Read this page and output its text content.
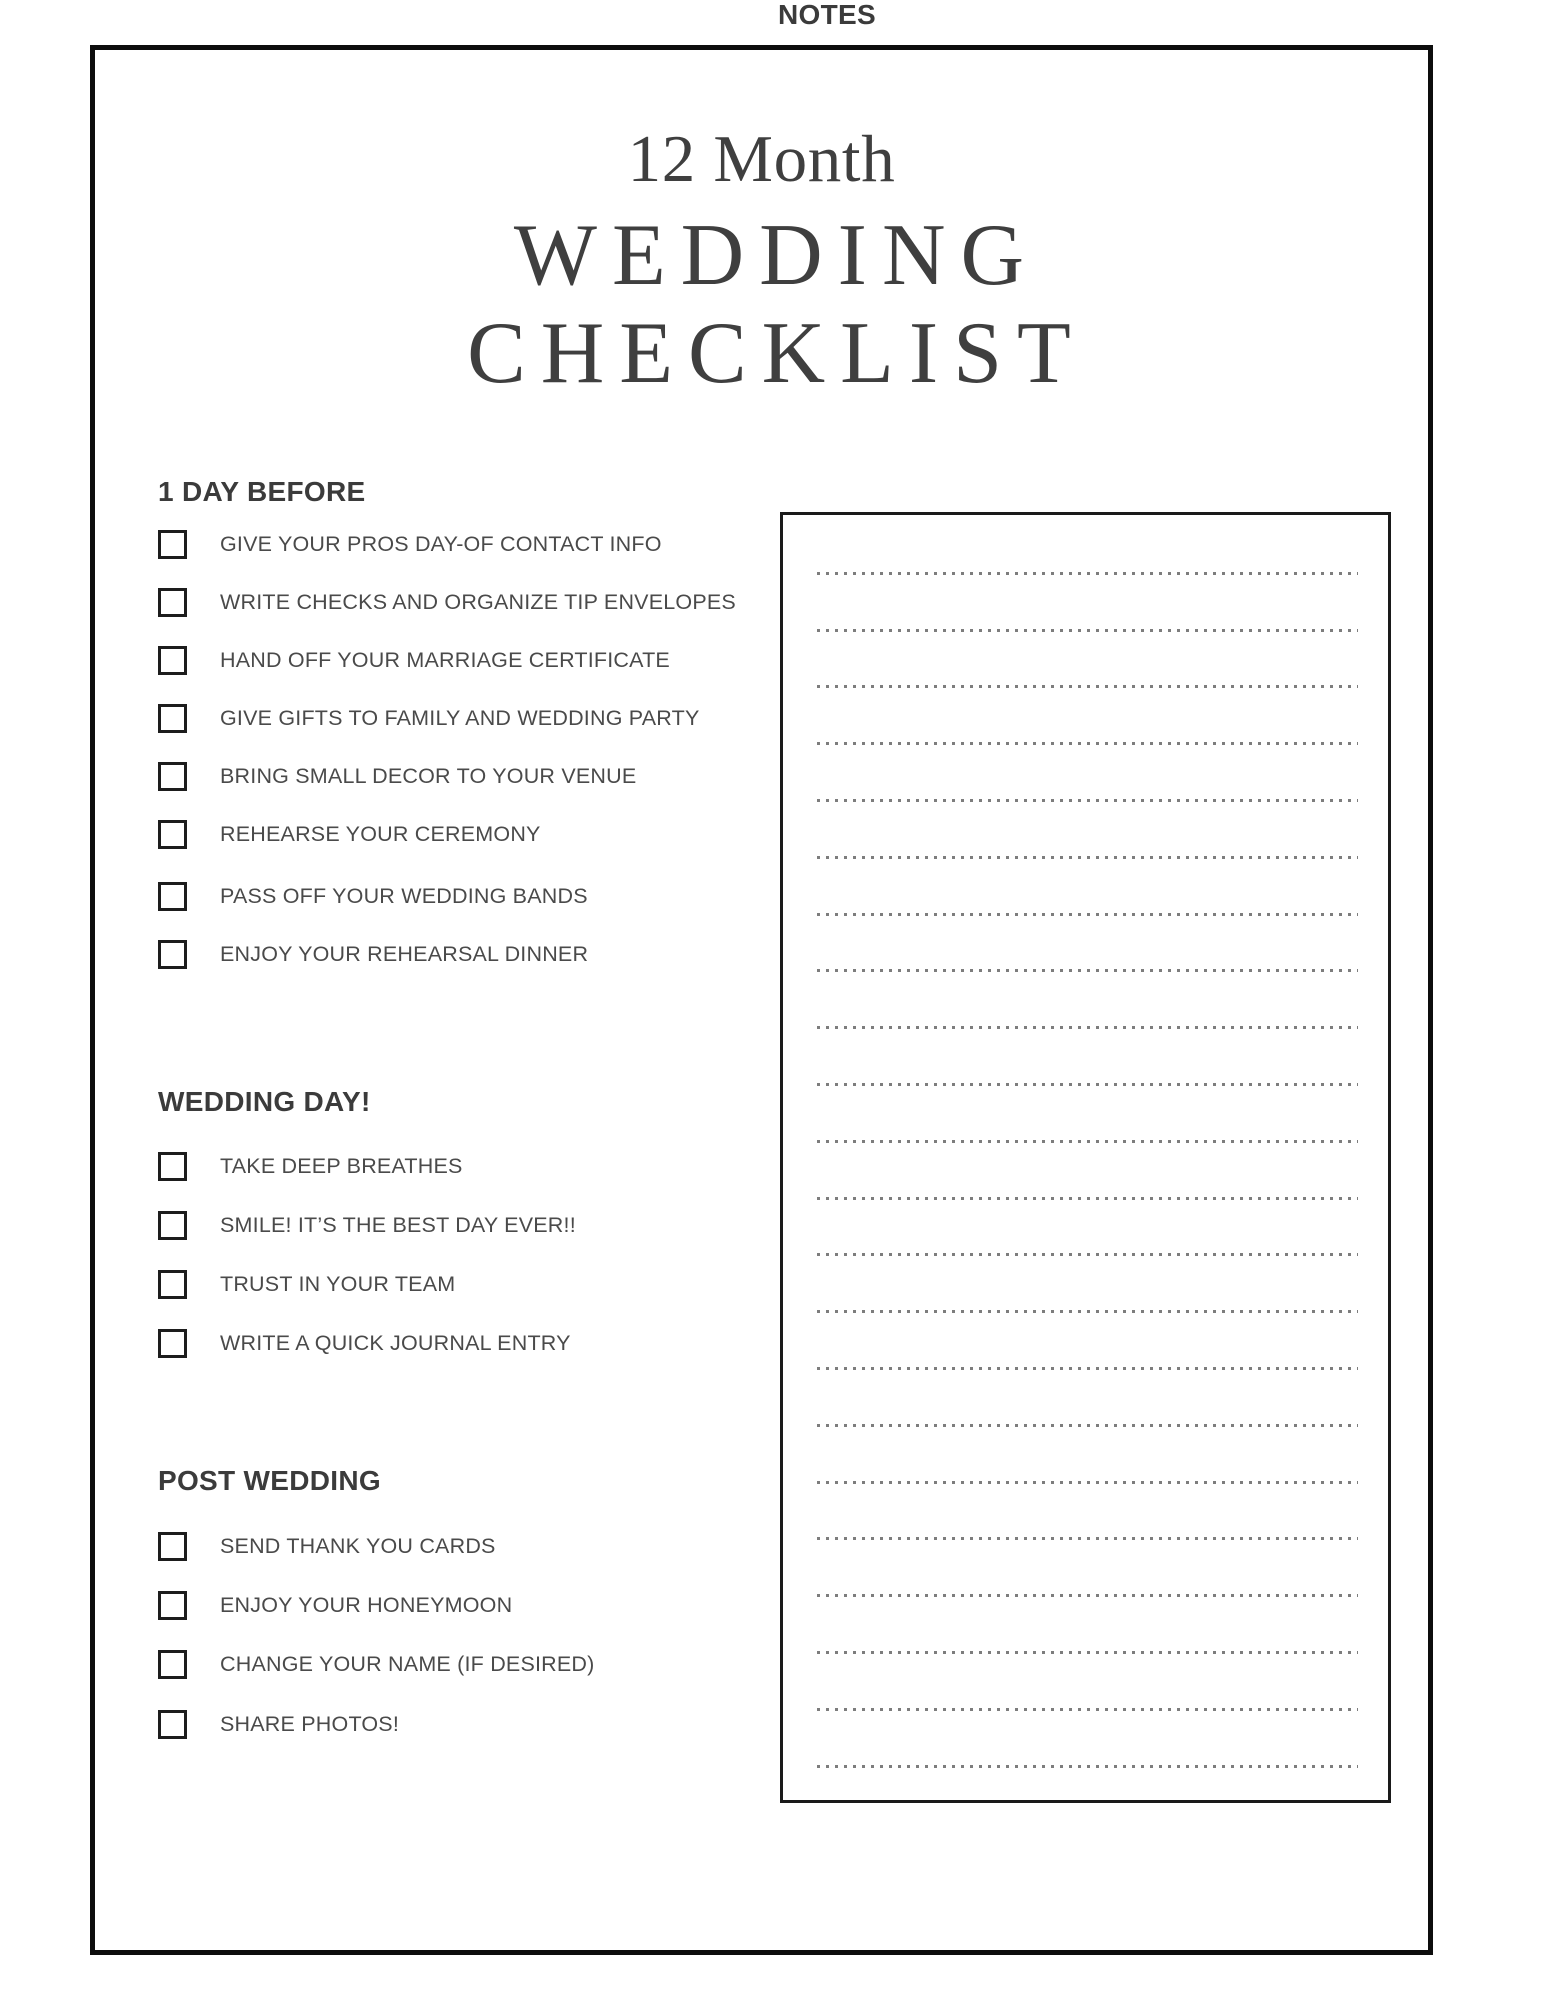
12 Month
WEDDING
CHECKLIST
1 DAY BEFORE
GIVE YOUR PROS DAY-OF CONTACT INFO
WRITE CHECKS AND ORGANIZE TIP ENVELOPES
HAND OFF YOUR MARRIAGE CERTIFICATE
GIVE GIFTS TO FAMILY AND WEDDING PARTY
BRING SMALL DECOR TO YOUR VENUE
REHEARSE YOUR CEREMONY
PASS OFF YOUR WEDDING BANDS
ENJOY YOUR REHEARSAL DINNER
WEDDING DAY!
TAKE DEEP BREATHES
SMILE! IT’S THE BEST DAY EVER!!
TRUST IN YOUR TEAM
WRITE A QUICK JOURNAL ENTRY
POST WEDDING
SEND THANK YOU CARDS
ENJOY YOUR HONEYMOON
CHANGE YOUR NAME (IF DESIRED)
SHARE PHOTOS!
NOTES
